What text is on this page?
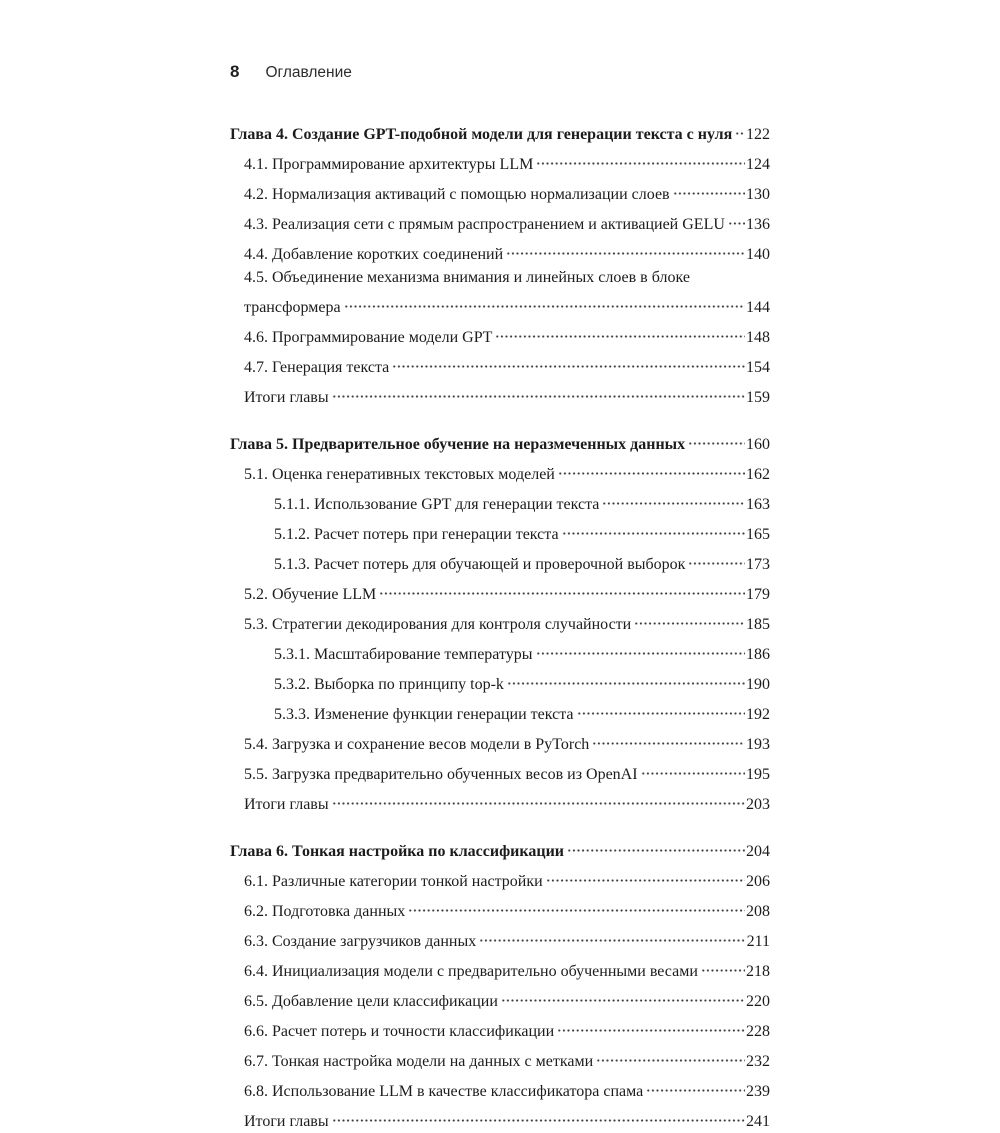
8 Оглавление
Глава 4. Создание GPT-подобной модели для генерации текста с нуля 122
4.1. Программирование архитектуры LLM	124
4.2. Нормализация активаций с помощью нормализации слоев	130
4.3. Реализация сети с прямым распространением и активацией GELU 136
4.4. Добавление коротких соединений	140
4.5. Объединение механизма внимания и линейных слоев в блоке
трансформера	144
4.6. Программирование модели GPT	148
4.7. Генерация текста	154
Итоги главы	159
Глава 5. Предварительное обучение на неразмеченных данных	160
5.1. Оценка генеративных текстовых моделей	162
5.1.1. Использование GPT для генерации текста	163
5.1.2. Расчет потерь при генерации текста	165
5.1.3. Расчет потерь для обучающей и проверочной выборок	173
5.2. Обучение LLM	179
5.3. Стратегии декодирования для контроля случайности	185
5.3.1. Масштабирование температуры	186
5.3.2. Выборка по принципу top-k	190
5.3.3. Изменение функции генерации текста	192
5.4. Загрузка и сохранение весов модели в PyTorch	193
5.5. Загрузка предварительно обученных весов из OpenAI	195
Итоги главы	203
Глава 6. Тонкая настройка по классификации	204
6.1. Различные категории тонкой настройки	206
6.2. Подготовка данных	208
6.3. Создание загрузчиков данных	211
6.4. Инициализация модели с предварительно обученными весами	218
6.5. Добавление цели классификации	220
6.6. Расчет потерь и точности классификации	228
6.7. Тонкая настройка модели на данных с метками	232
6.8. Использование LLM в качестве классификатора спама	239
Итоги главы	241
